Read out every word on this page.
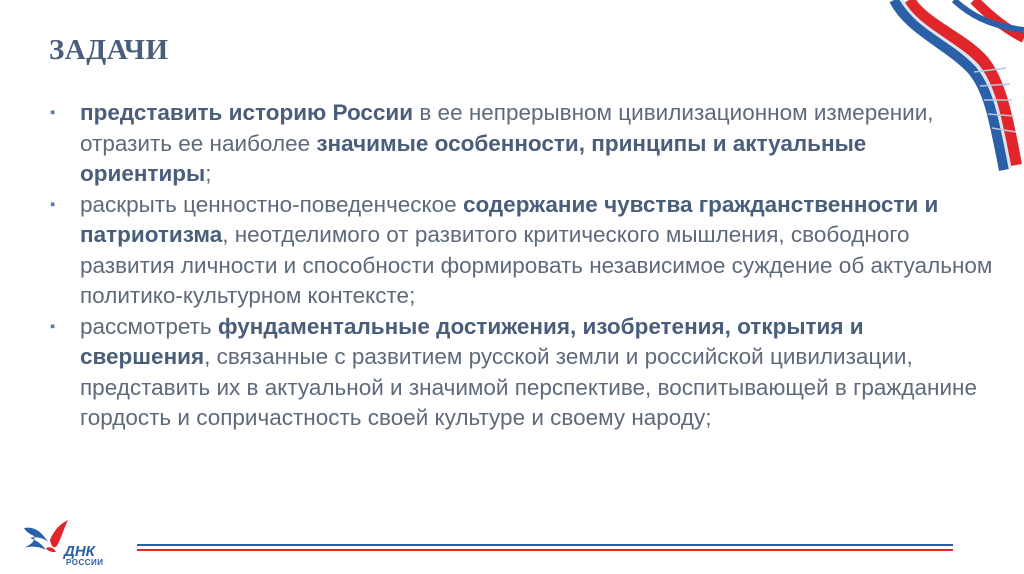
ЗАДАЧИ
▪ представить историю России в ее непрерывном цивилизационном измерении, отразить ее наиболее значимые особенности, принципы и актуальные ориентиры;
▪ раскрыть ценностно-поведенческое содержание чувства гражданственности и патриотизма, неотделимого от развитого критического мышления, свободного развития личности и способности формировать независимое суждение об актуальном политико-культурном контексте;
▪ рассмотреть фундаментальные достижения, изобретения, открытия и свершения, связанные с развитием русской земли и российской цивилизации, представить их в актуальной и значимой перспективе, воспитывающей в гражданине гордость и сопричастность своей культуре и своему народу;
ДНК
РОССИИ
